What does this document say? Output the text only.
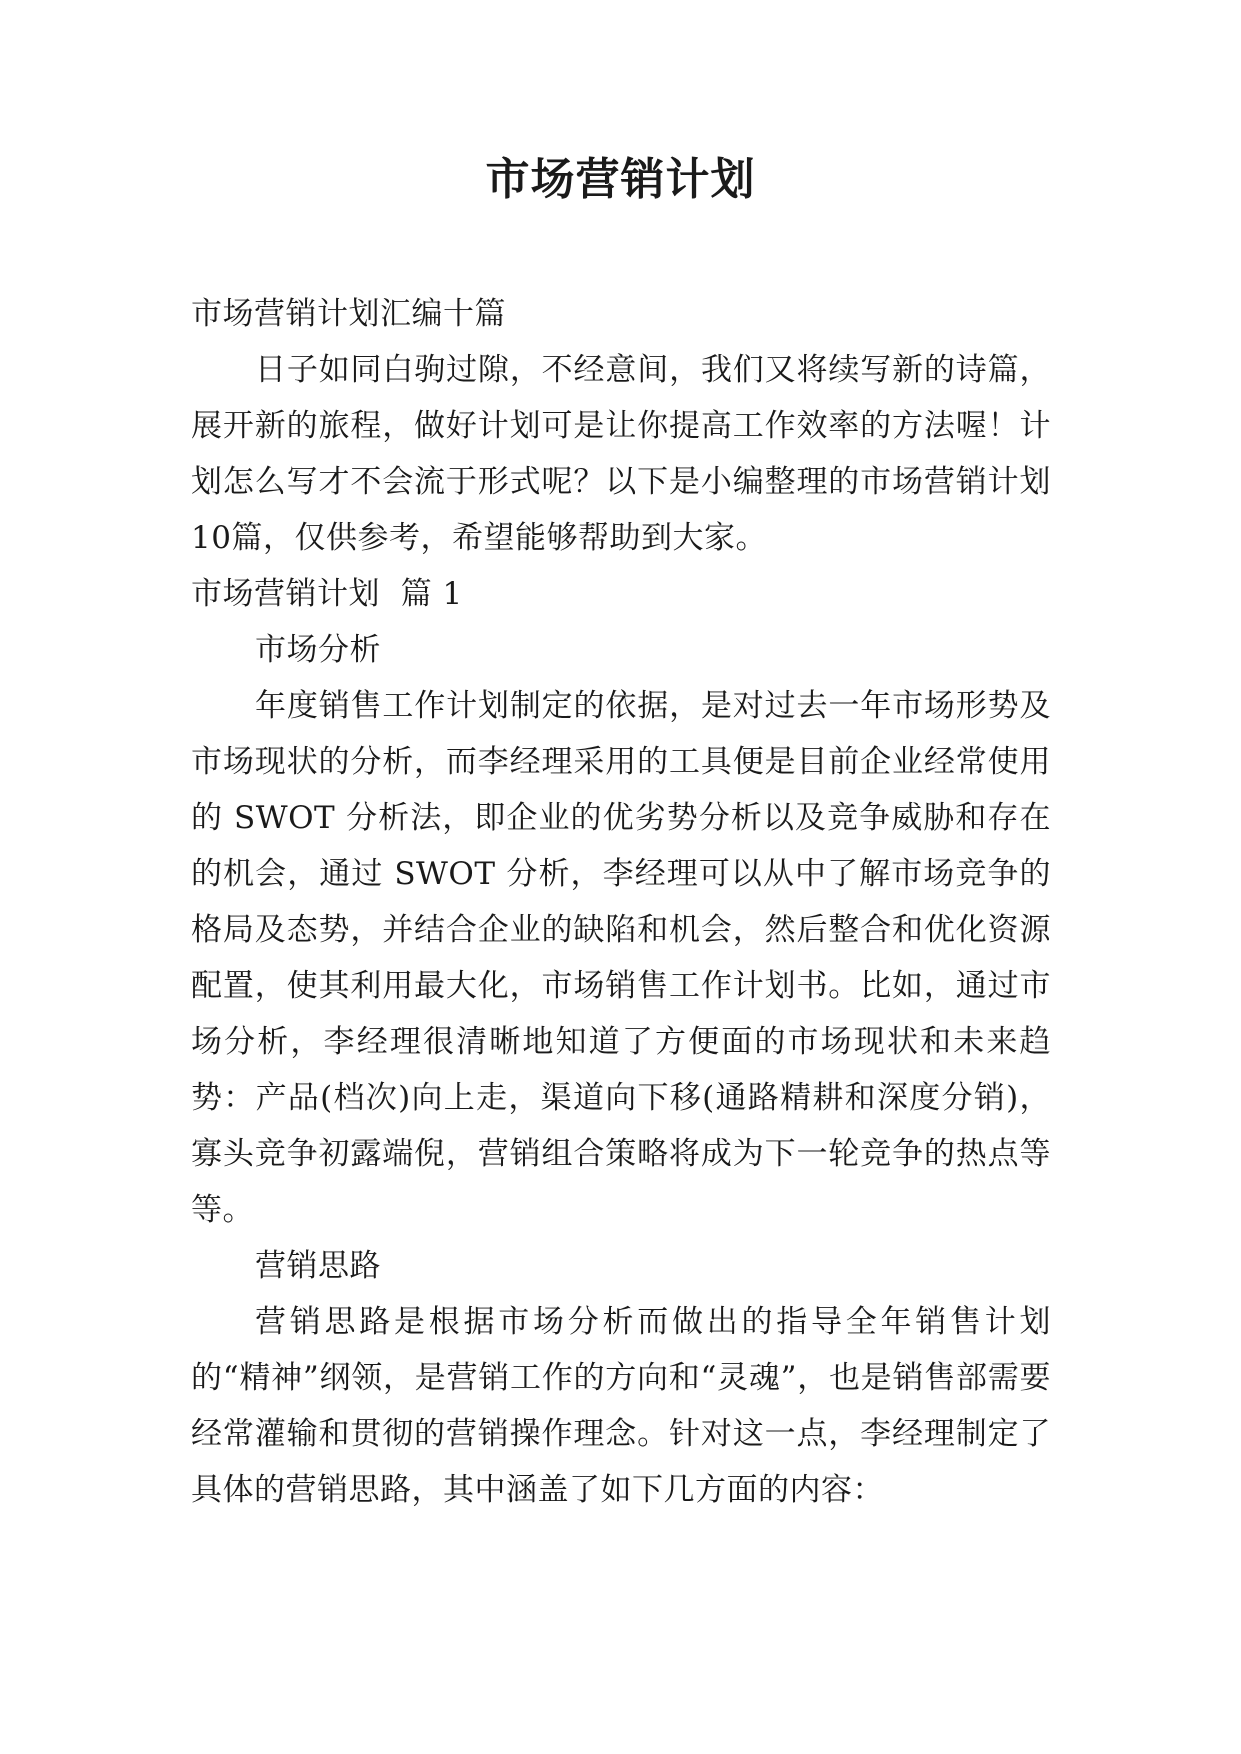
市场营销计划

市场营销计划汇编十篇

日子如同白驹过隙，不经意间，我们又将续写新的诗篇，展开新的旅程，做好计划可是让你提高工作效率的方法喔！计划怎么写才不会流于形式呢？以下是小编整理的市场营销计划10篇，仅供参考，希望能够帮助到大家。

市场营销计划  篇 1

市场分析

年度销售工作计划制定的依据，是对过去一年市场形势及市场现状的分析，而李经理采用的工具便是目前企业经常使用的 SWOT 分析法，即企业的优劣势分析以及竞争威胁和存在的机会，通过 SWOT 分析，李经理可以从中了解市场竞争的格局及态势，并结合企业的缺陷和机会，然后整合和优化资源配置，使其利用最大化，市场销售工作计划书。比如，通过市场分析，李经理很清晰地知道了方便面的市场现状和未来趋势：产品(档次)向上走，渠道向下移(通路精耕和深度分销)，寡头竞争初露端倪，营销组合策略将成为下一轮竞争的热点等等。

营销思路

营销思路是根据市场分析而做出的指导全年销售计划的“精神”纲领，是营销工作的方向和“灵魂”，也是销售部需要经常灌输和贯彻的营销操作理念。针对这一点，李经理制定了具体的营销思路，其中涵盖了如下几方面的内容：
